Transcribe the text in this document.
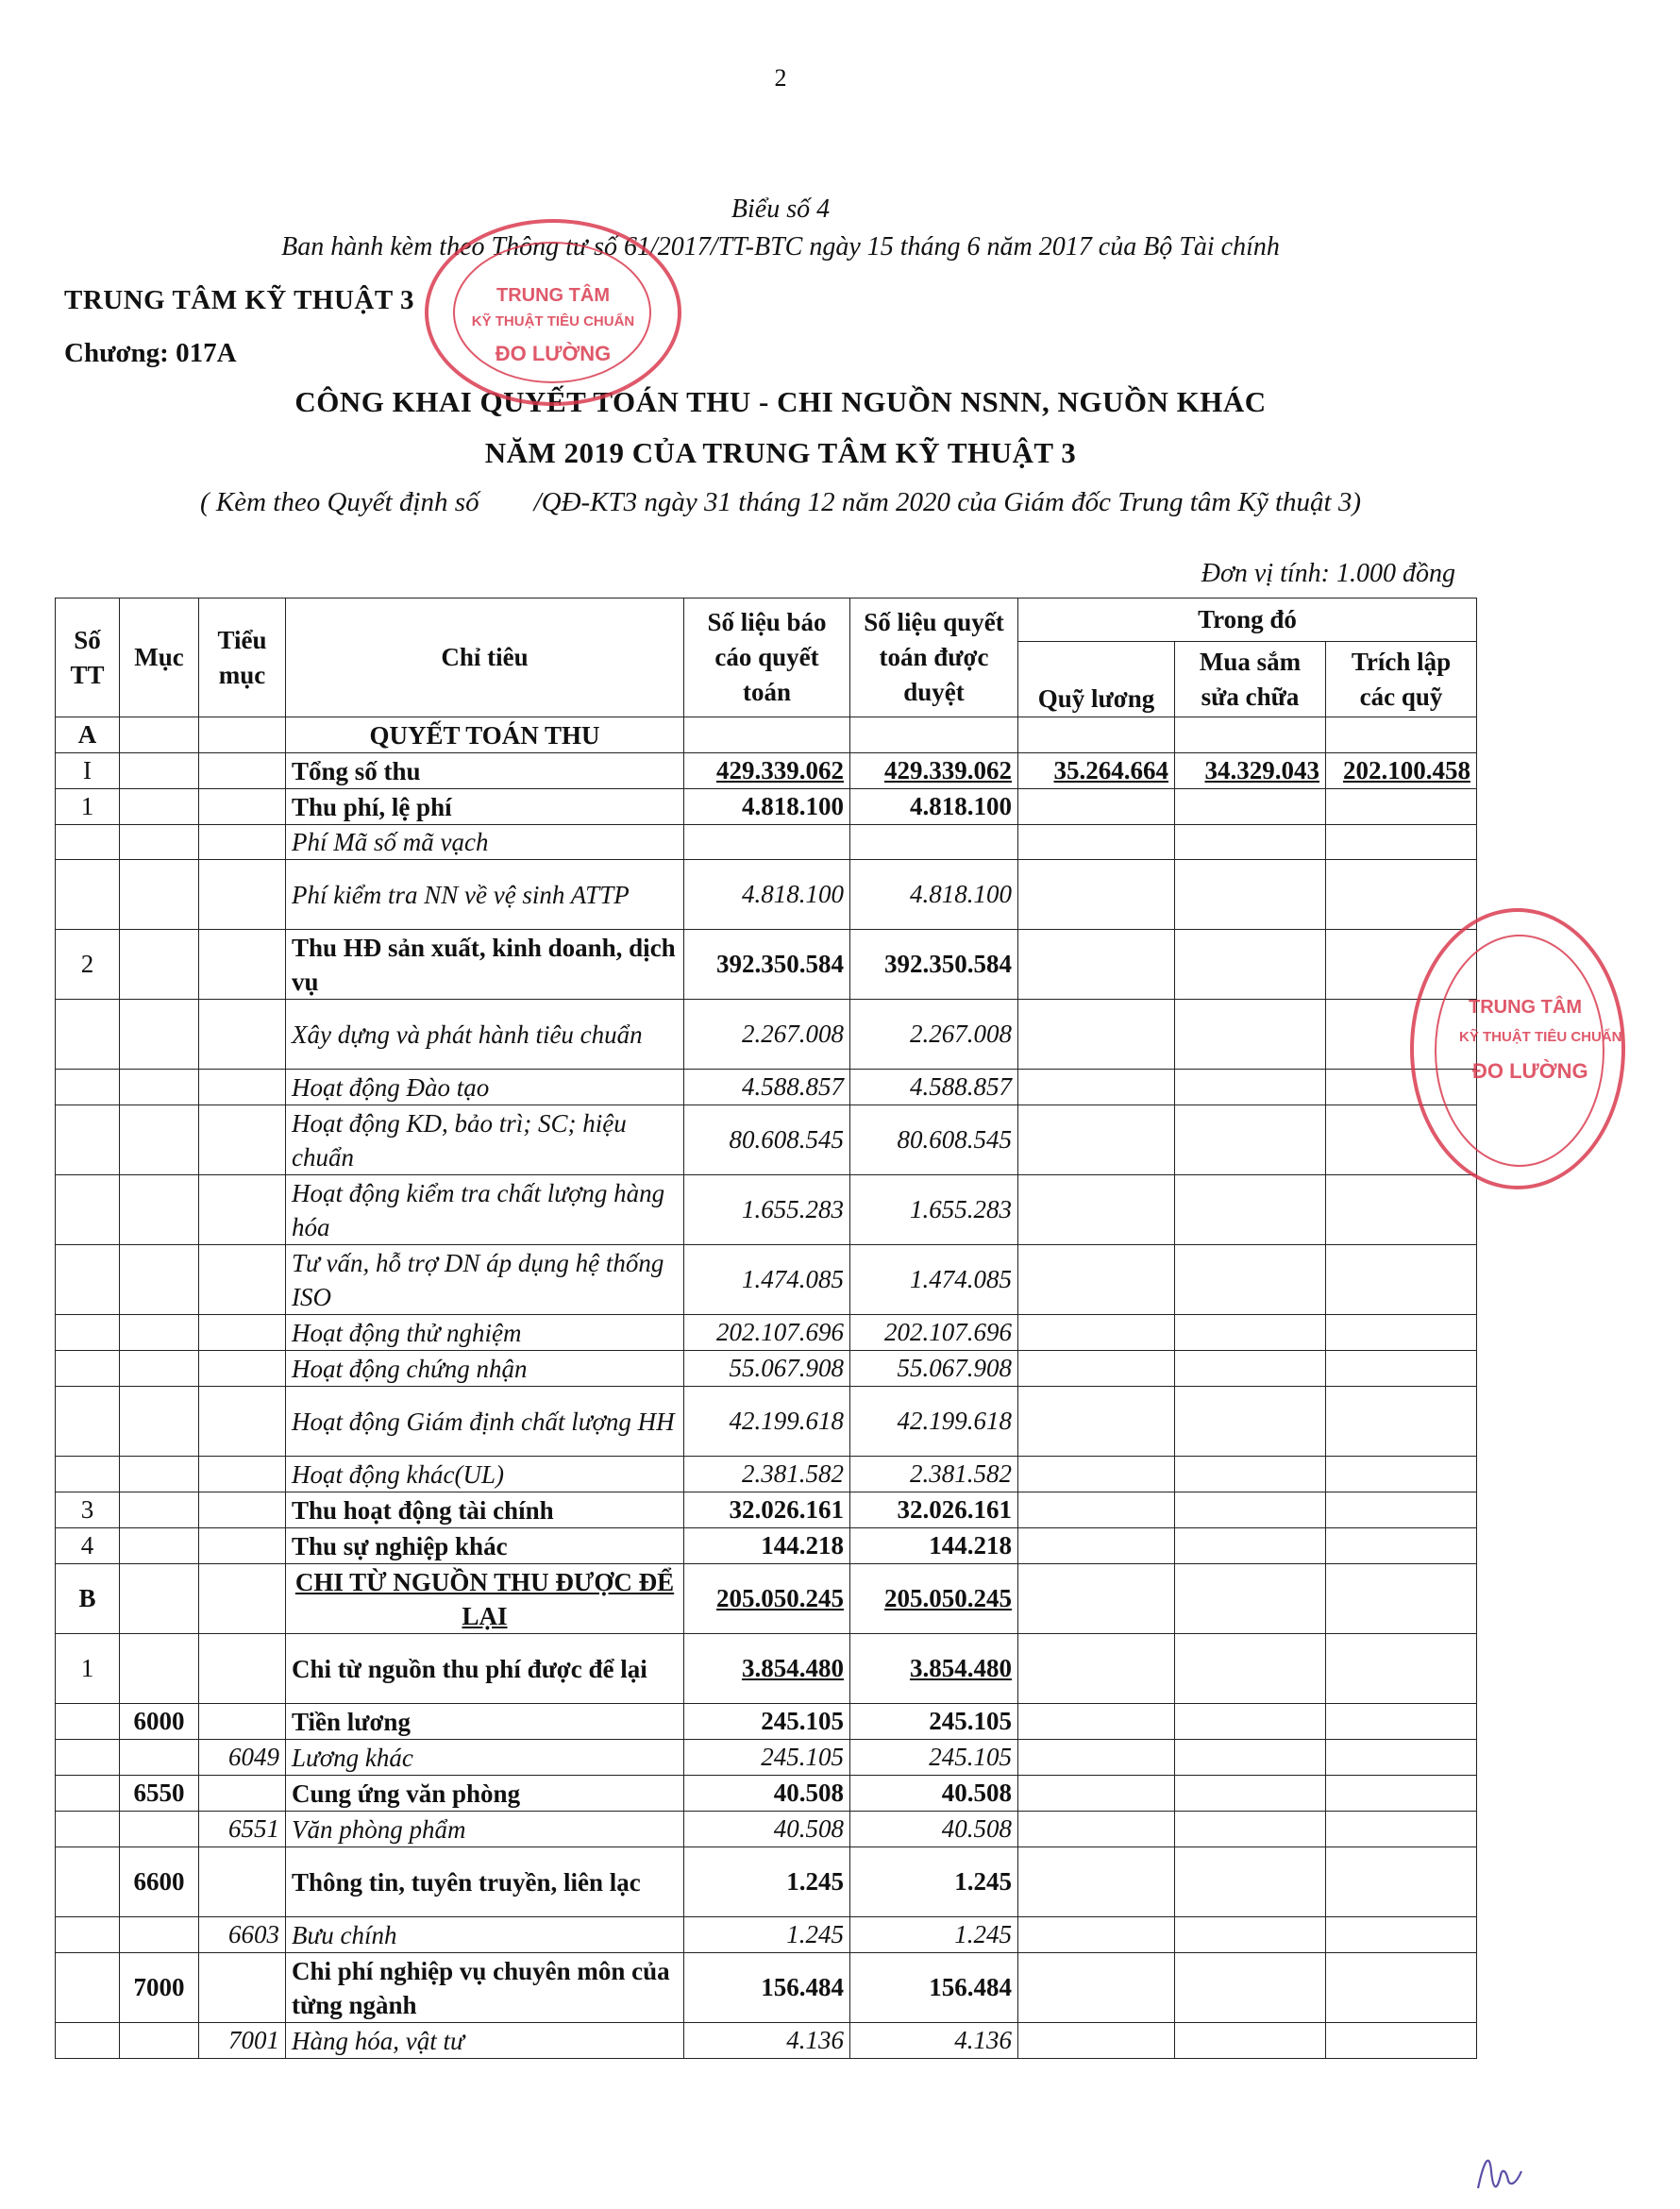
2
Biểu số 4
Ban hành kèm theo Thông tư số 61/2017/TT-BTC ngày 15 tháng 6 năm 2017 của Bộ Tài chính
TRUNG TÂM KỸ THUẬT 3
Chương: 017A
CÔNG KHAI QUYẾT TOÁN THU - CHI NGUỒN NSNN, NGUỒN KHÁC
NĂM 2019 CỦA TRUNG TÂM KỸ THUẬT 3
( Kèm theo Quyết định số        /QĐ-KT3 ngày 31 tháng 12 năm 2020 của Giám đốc Trung tâm Kỹ thuật 3)
Đơn vị tính: 1.000 đồng
Số TT	Mục	Tiểu mục	Chỉ tiêu	Số liệu báo cáo quyết toán	Số liệu quyết toán được duyệt	Trong đó		
						Quỹ lương	Mua sắm sửa chữa	Trích lập các quỹ
A			QUYẾT TOÁN THU					
I			Tổng số thu	429.339.062	429.339.062	35.264.664	34.329.043	202.100.458
1			Thu phí, lệ phí	4.818.100	4.818.100			
			Phí Mã số mã vạch					
			Phí kiểm tra NN về vệ sinh ATTP	4.818.100	4.818.100			
2			Thu HĐ sản xuất, kinh doanh, dịch vụ	392.350.584	392.350.584			
			Xây dựng và phát hành tiêu chuẩn	2.267.008	2.267.008			
			Hoạt động Đào tạo	4.588.857	4.588.857			
			Hoạt động KD, bảo trì; SC; hiệu chuẩn	80.608.545	80.608.545			
			Hoạt động kiểm tra chất lượng hàng hóa	1.655.283	1.655.283			
			Tư vấn, hỗ trợ DN áp dụng hệ thống ISO	1.474.085	1.474.085			
			Hoạt động thử nghiệm	202.107.696	202.107.696			
			Hoạt động chứng nhận	55.067.908	55.067.908			
			Hoạt động Giám định chất lượng HH	42.199.618	42.199.618			
			Hoạt động khác(UL)	2.381.582	2.381.582			
3			Thu hoạt động tài chính	32.026.161	32.026.161			
4			Thu sự nghiệp khác	144.218	144.218			
B			CHI TỪ NGUỒN THU ĐƯỢC ĐỂ LẠI	205.050.245	205.050.245			
1			Chi từ nguồn thu phí được để lại	3.854.480	3.854.480			
	6000		Tiền lương	245.105	245.105			
		6049	Lương khác	245.105	245.105			
	6550		Cung ứng văn phòng	40.508	40.508			
		6551	Văn phòng phẩm	40.508	40.508			
	6600		Thông tin, tuyên truyền, liên lạc	1.245	1.245			
		6603	Bưu chính	1.245	1.245			
	7000		Chi phí nghiệp vụ chuyên môn của từng ngành	156.484	156.484			
		7001	Hàng hóa, vật tư	4.136	4.136			
TRUNG TÂM
KỸ THUẬT TIÊU CHUẨN
ĐO LƯỜNG
TRUNG TÂM
KỸ THUẬT TIÊU CHUẨN
ĐO LƯỜNG
